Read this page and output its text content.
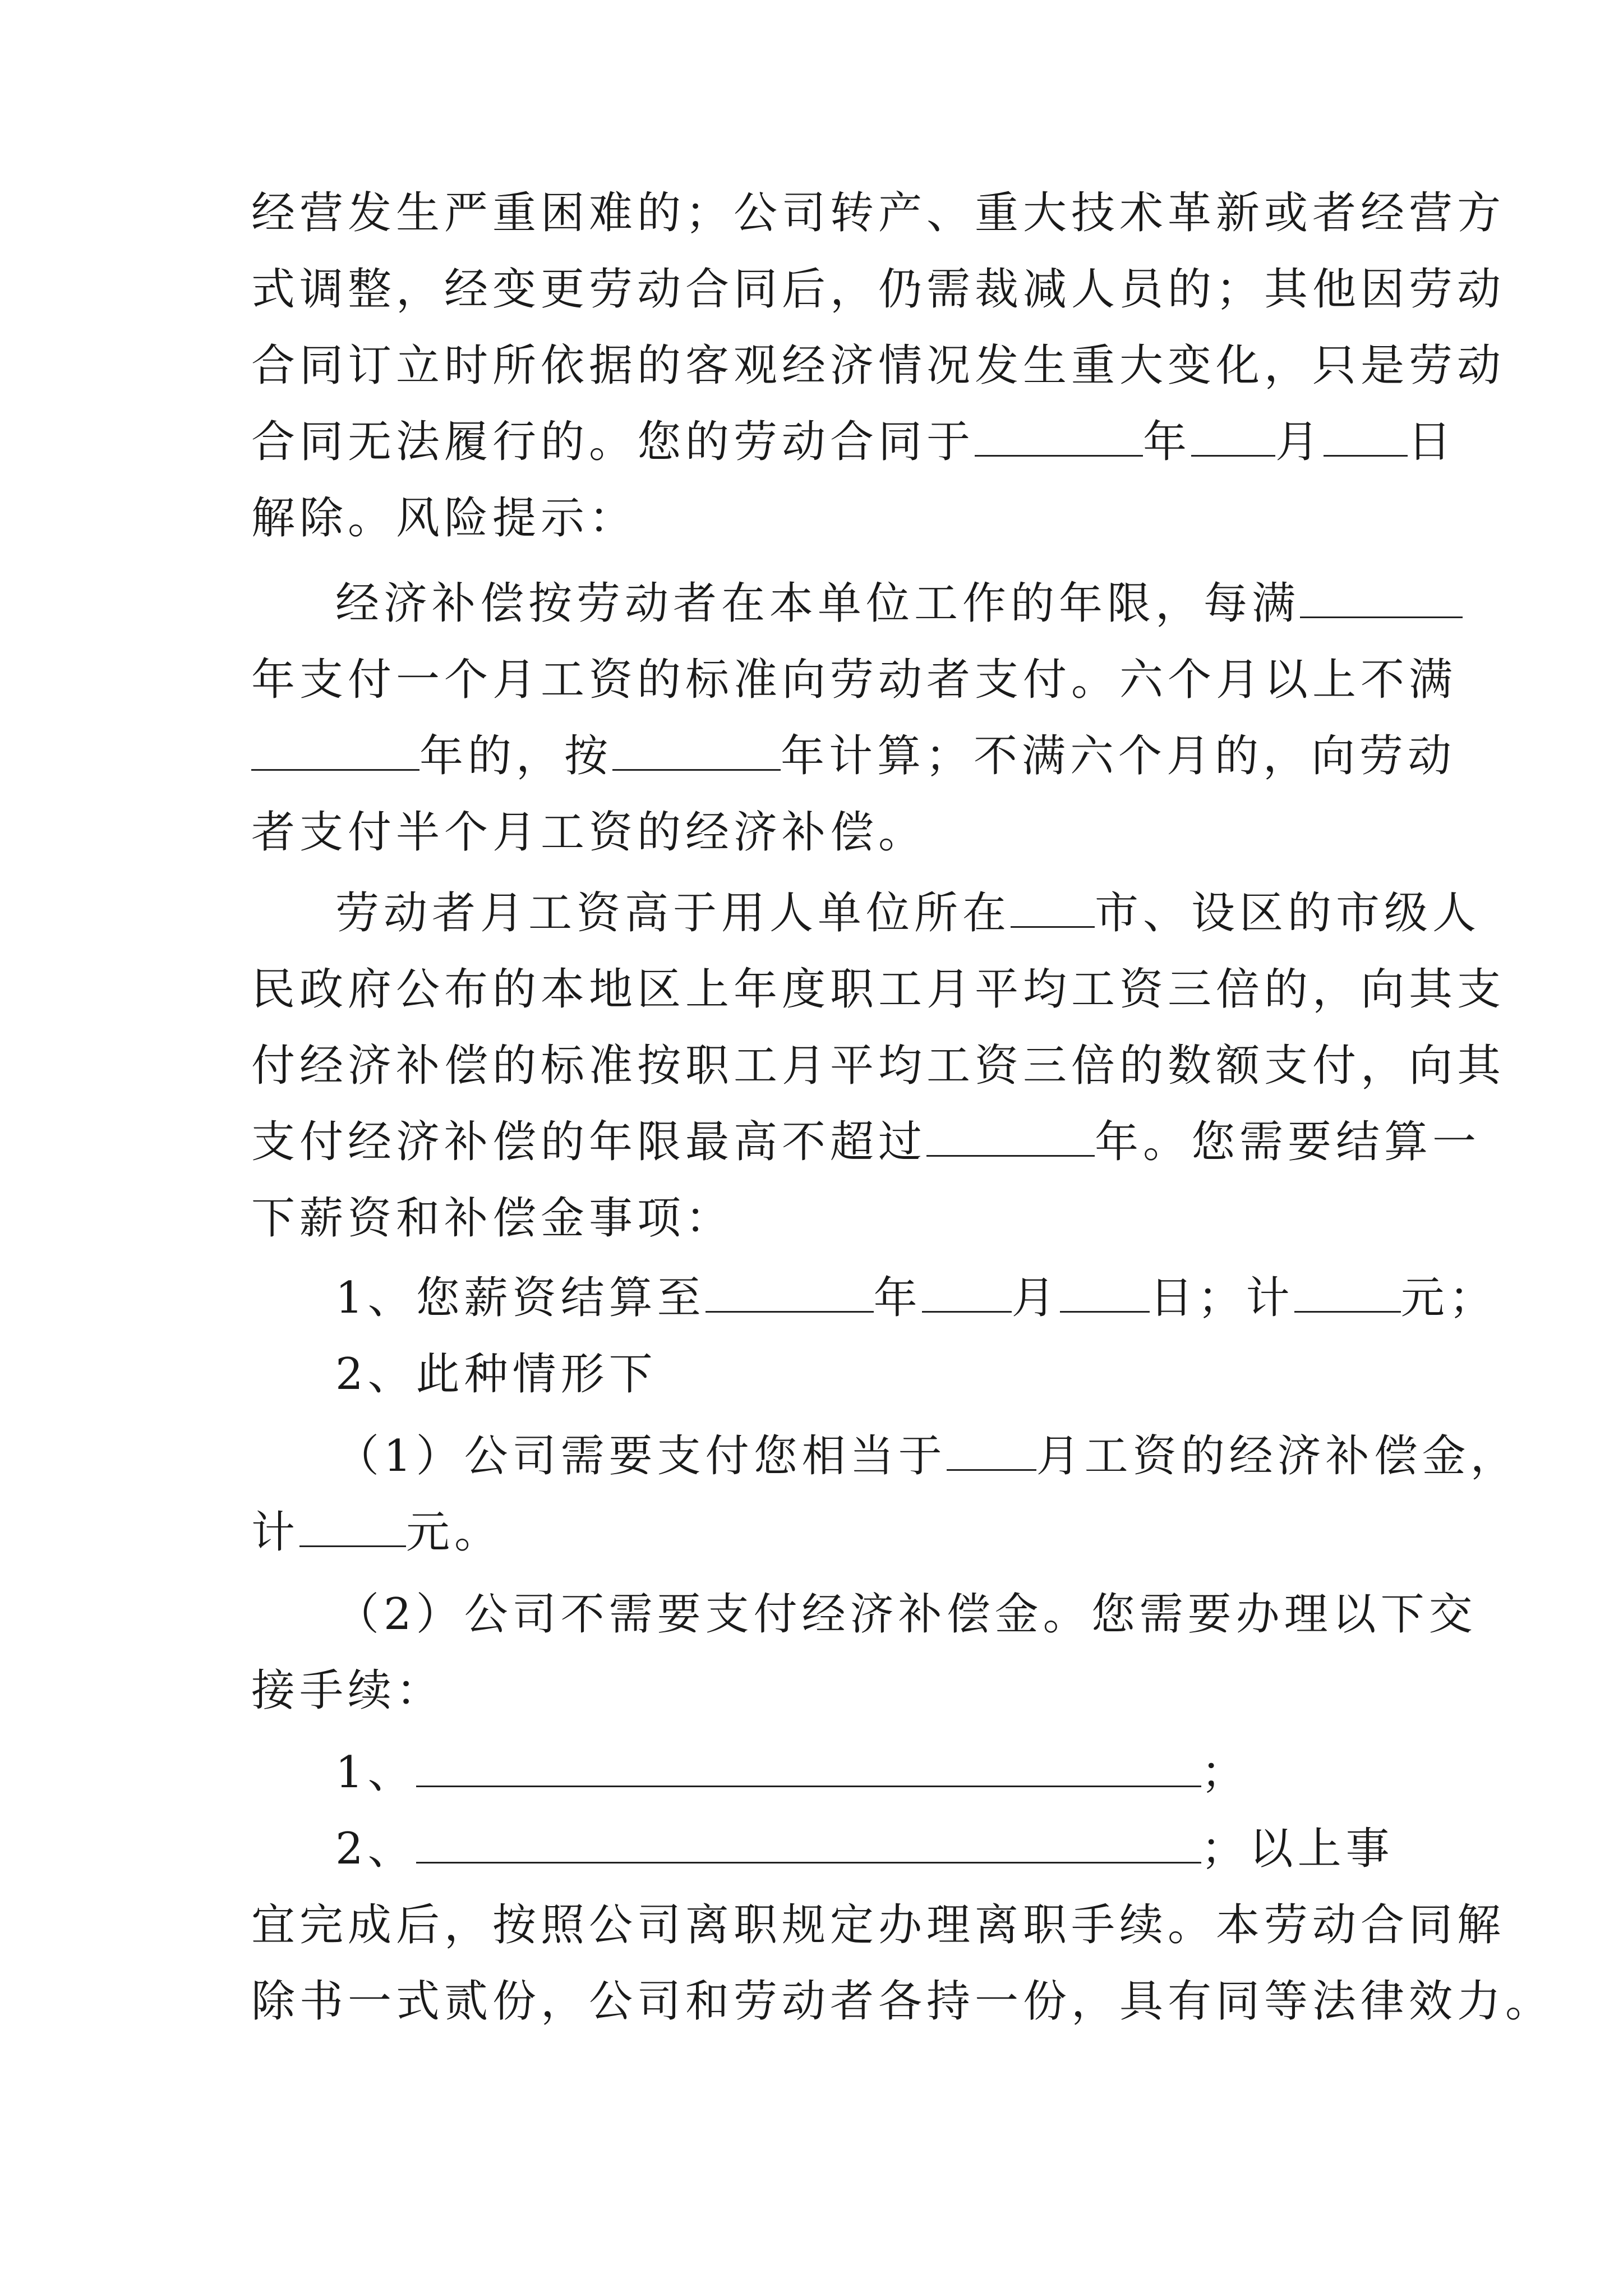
经营发生严重困难的；公司转产、重大技术革新或者经营方
式调整，经变更劳动合同后，仍需裁减人员的；其他因劳动
合同订立时所依据的客观经济情况发生重大变化，只是劳动
合同无法履行的。您的劳动合同于	年 月 日
解除。风险提示：
经济补偿按劳动者在本单位工作的年限，每满
年支付一个月工资的标准向劳动者支付。六个月以上不满
年的，按	年计算；不满六个月的，向劳动
者支付半个月工资的经济补偿。
劳动者月工资高于用人单位所在 市、设区的市级人
民政府公布的本地区上年度职工月平均工资三倍的，向其支
付经济补偿的标准按职工月平均工资三倍的数额支付，向其
支付经济补偿的年限最高不超过	年。您需要结算一
下薪资和补偿金事项：
1、您薪资结算至	年 月 日；计 元；
2、此种情形下
（1）公司需要支付您相当于 月工资的经济补偿金，
计 元。
（2）公司不需要支付经济补偿金。您需要办理以下交
接手续：
1、	；
2、	；以上事
宜完成后，按照公司离职规定办理离职手续。本劳动合同解
除书一式贰份，公司和劳动者各持一份，具有同等法律效力。
